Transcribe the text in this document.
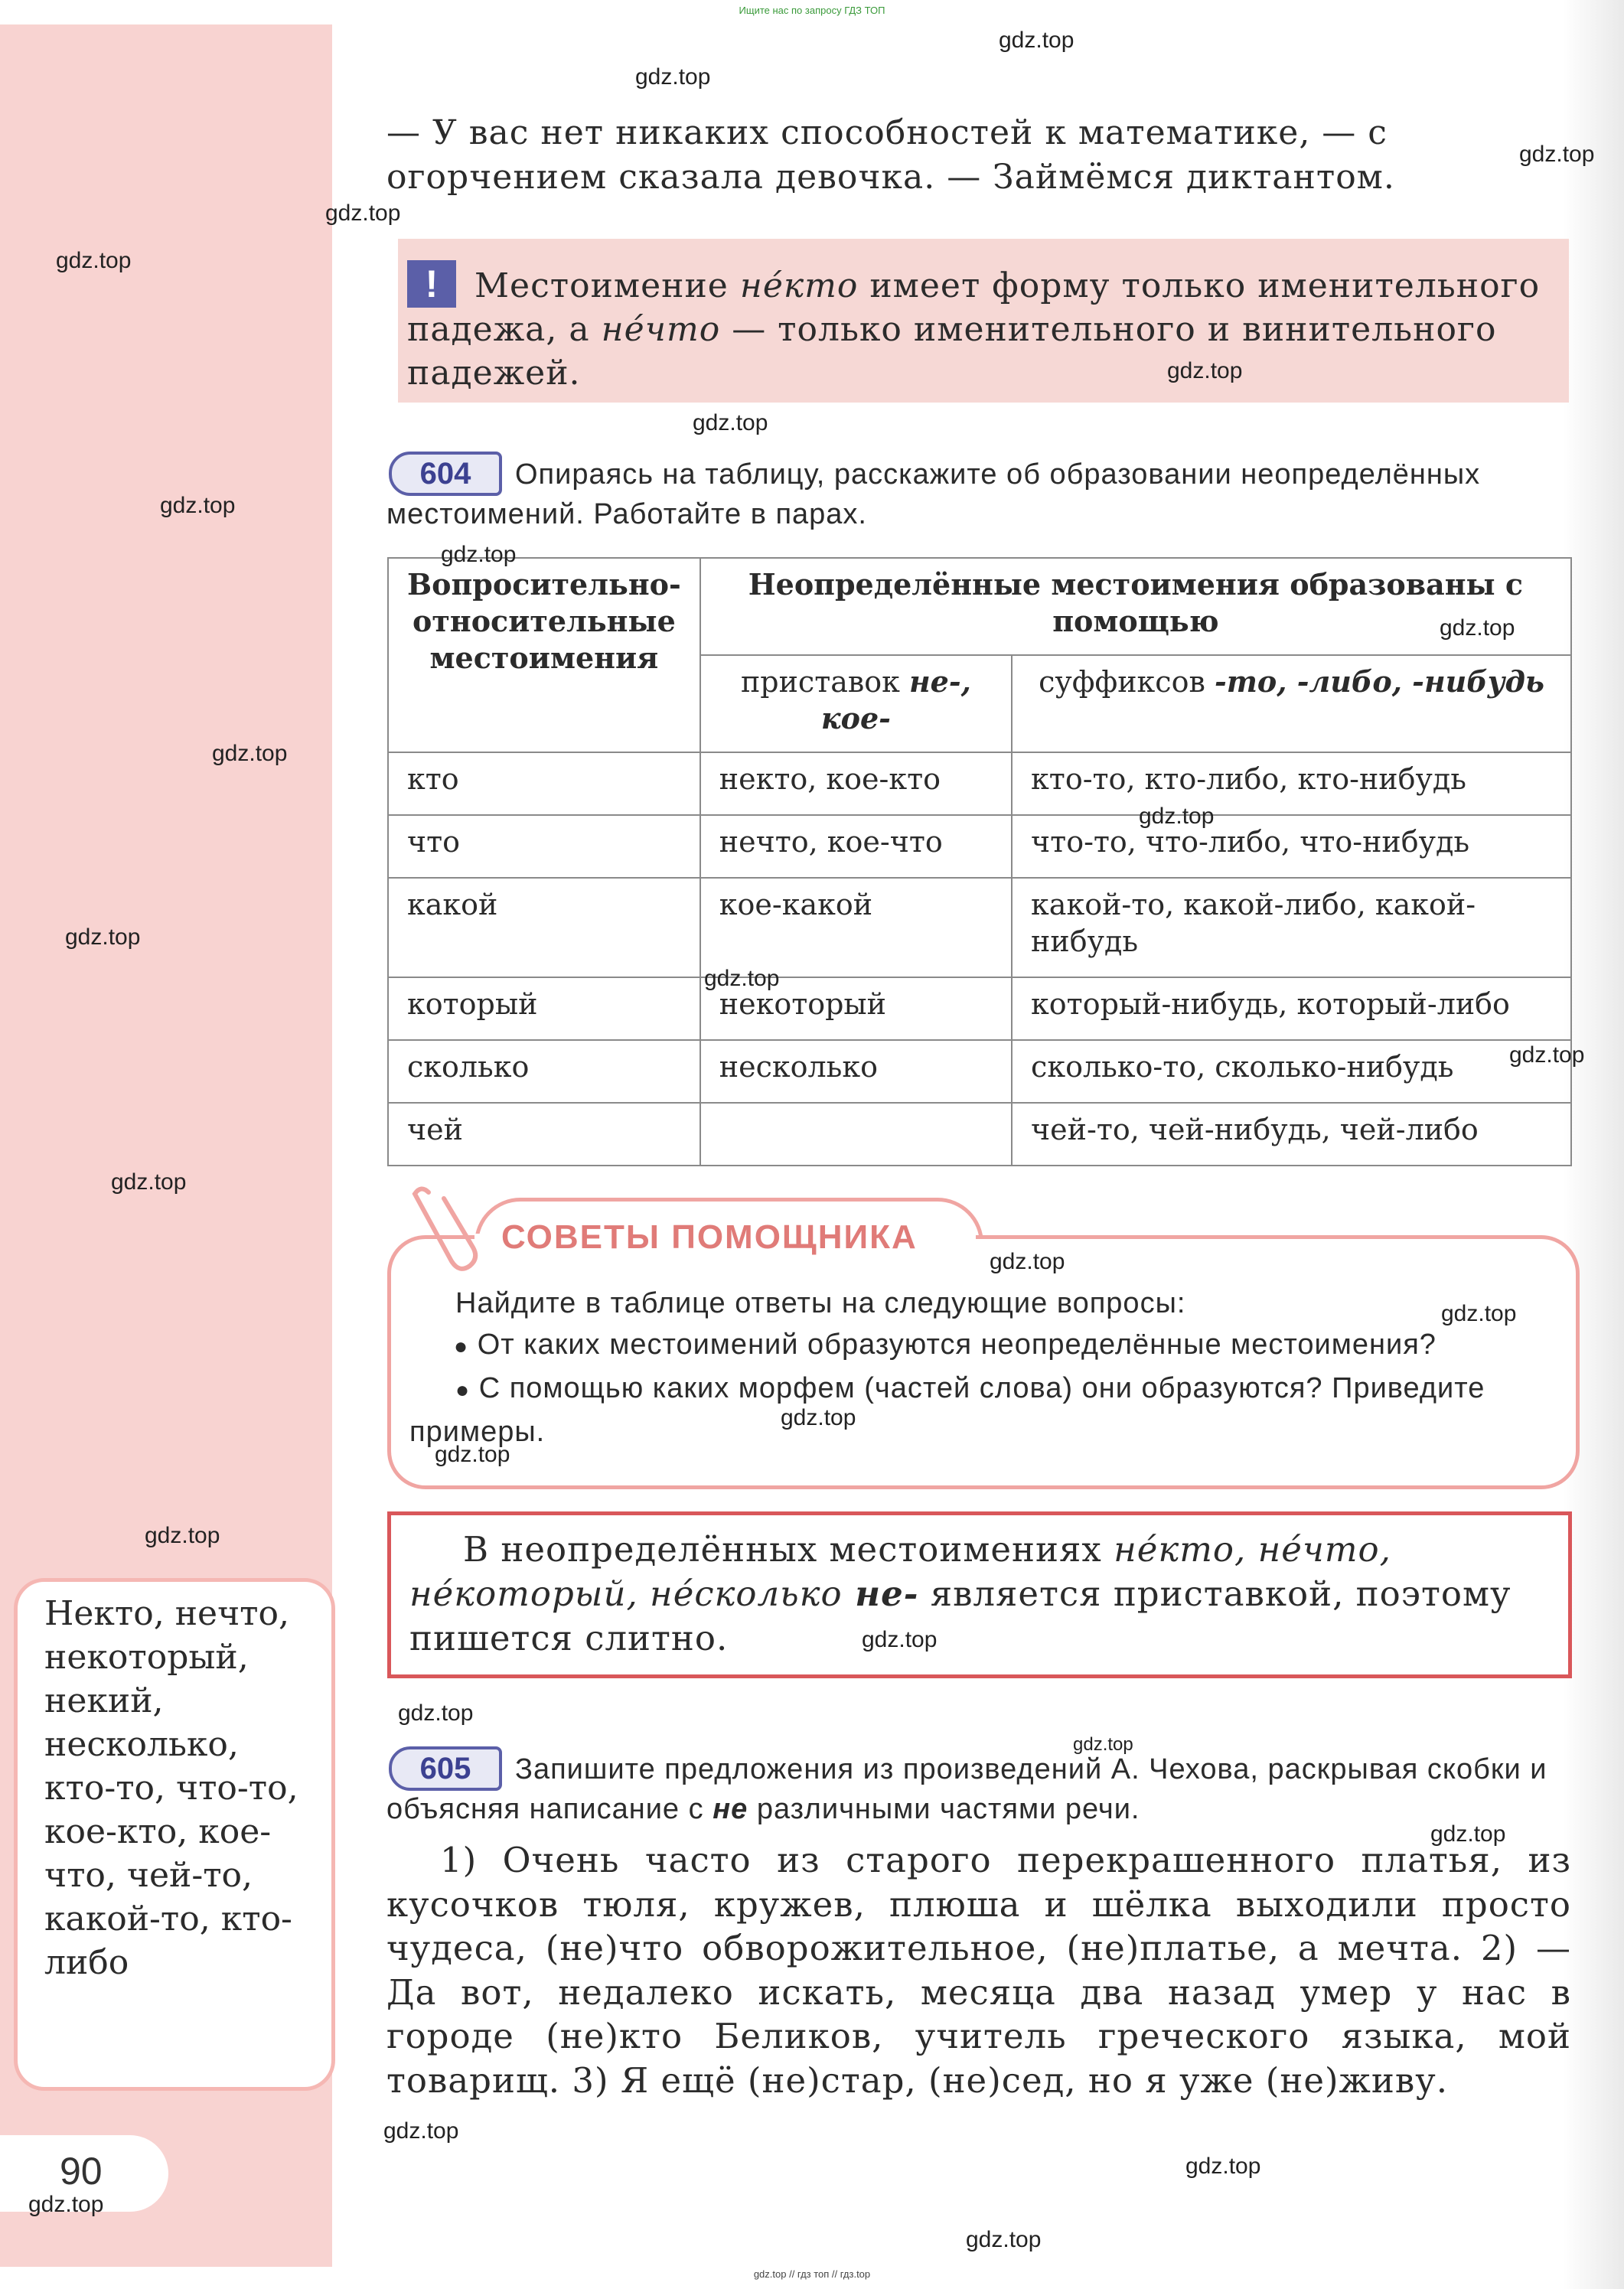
Ищите нас по запросу ГДЗ ТОП
— У вас нет никаких способностей к математике, — с огорчением сказала девочка. — Займёмся диктантом.
!	Местоимение не́кто имеет форму только именительного падежа, а не́что — только именительного и винительного падежей.
604	Опираясь на таблицу, расскажите об образовании неопределённых местоимений. Работайте в парах.
Вопросительно-относительные местоимения	Неопределённые местоимения образованы с помощью	
	приставок не-, кое-	суффиксов -то, -либо, -нибудь
кто	некто, кое-кто	кто-то, кто-либо, кто-нибудь
что	нечто, кое-что	что-то, что-либо, что-нибудь
какой	кое-какой	какой-то, какой-либо, какой-нибудь
который	некоторый	который-нибудь, который-либо
сколько	несколько	сколько-то, сколько-нибудь
чей		чей-то, чей-нибудь, чей-либо
СОВЕТЫ ПОМОЩНИКА
Найдите в таблице ответы на следующие вопросы:
● От каких местоимений образуются неопределённые местоимения?
● С помощью каких морфем (частей слова) они образуются? Приведите примеры.
В неопределённых местоимениях не́кто, не́что, не́который, не́сколько не- является приставкой, поэтому пишется слитно.
Некто, нечто, некоторый, некий, несколько, кто-то, что-то, кое-кто, кое-что, чей-то, какой-то, кто-либо
605	Запишите предложения из произведений А. Чехова, раскрывая скобки и объясняя написание с не различными частями речи.
1) Очень часто из старого перекрашенного платья, из кусочков тюля, кружев, плюша и шёлка выходили просто чудеса, (не)что обворожительное, (не)платье, а мечта. 2) — Да вот, недалеко искать, месяца два назад умер у нас в городе (не)кто Беликов, учитель греческого языка, мой товарищ. 3) Я ещё (не)стар, (не)сед, но я уже (не)живу.
90
gdz.top
gdz.top
gdz.top
gdz.top
gdz.top
gdz.top
gdz.top
gdz.top
gdz.top
gdz.top
gdz.top
gdz.top
gdz.top
gdz.top
gdz.top
gdz.top
gdz.top
gdz.top
gdz.top
gdz.top
gdz.top
gdz.top
gdz.top
gdz.top
gdz.top
gdz.top
gdz.top
gdz.top
gdz.top
gdz.top // гдз топ // гдз.top
